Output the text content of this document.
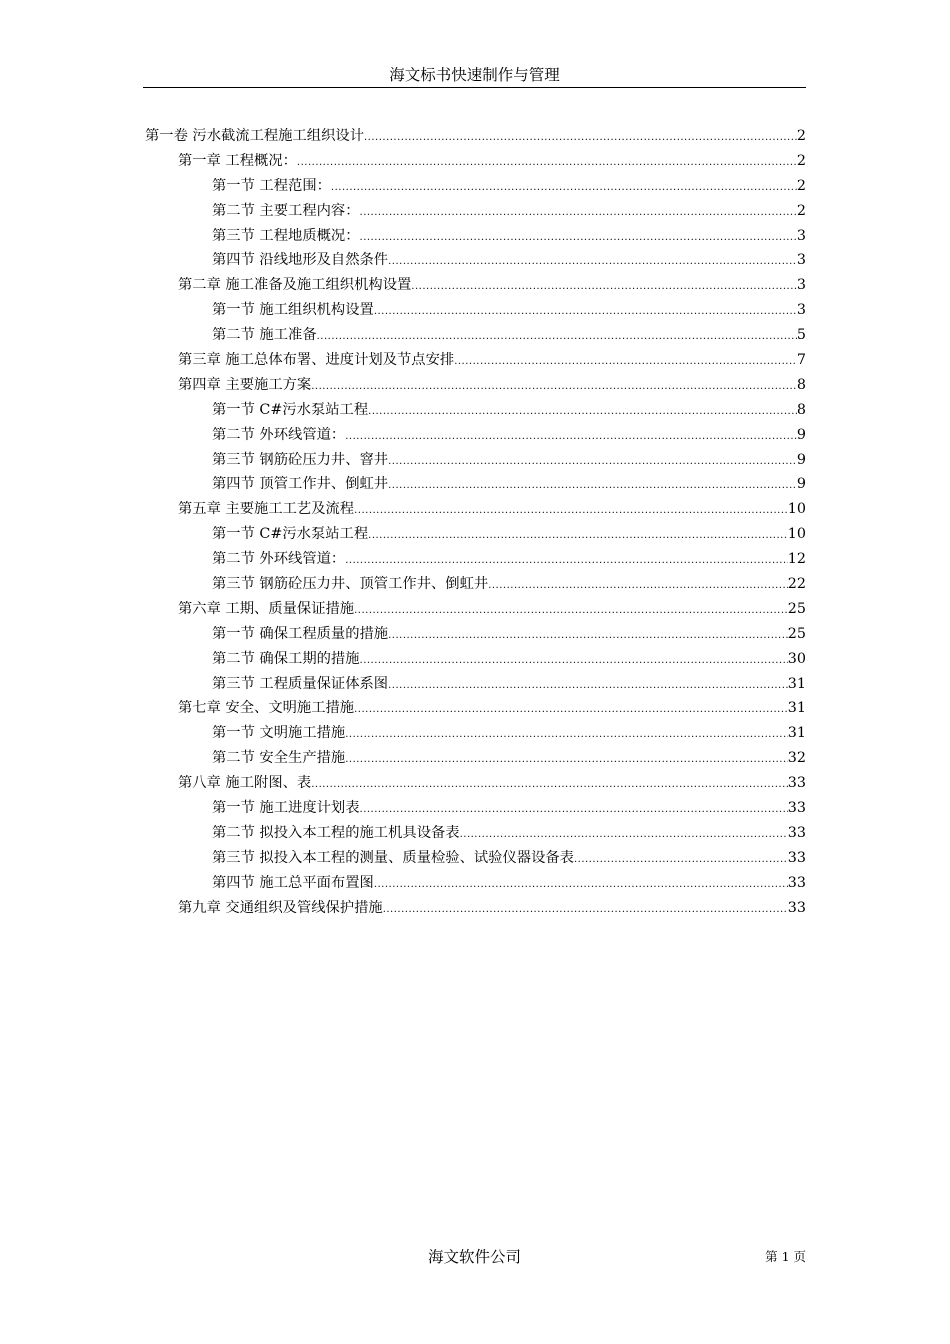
海文标书快速制作与管理
第一卷 污水截流工程施工组织设计 .....	2
第一章 工程概况： .....	2
第一节 工程范围： .....	2
第二节 主要工程内容： .....	2
第三节 工程地质概况： .....	3
第四节 沿线地形及自然条件 .....	3
第二章 施工准备及施工组织机构设置 .....	3
第一节 施工组织机构设置 .....	3
第二节 施工准备 .....	5
第三章 施工总体布署、进度计划及节点安排 .....	7
第四章 主要施工方案 .....	8
第一节 C#污水泵站工程 .....	8
第二节 外环线管道： .....	9
第三节 钢筋砼压力井、窨井 .....	9
第四节 顶管工作井、倒虹井 .....	9
第五章 主要施工工艺及流程 .....	10
第一节 C#污水泵站工程 .....	10
第二节 外环线管道： .....	12
第三节 钢筋砼压力井、顶管工作井、倒虹井 .....	22
第六章 工期、质量保证措施 .....	25
第一节 确保工程质量的措施 .....	25
第二节 确保工期的措施 .....	30
第三节 工程质量保证体系图 .....	31
第七章 安全、文明施工措施 .....	31
第一节 文明施工措施 .....	31
第二节 安全生产措施 .....	32
第八章 施工附图、表 .....	33
第一节 施工进度计划表 .....	33
第二节 拟投入本工程的施工机具设备表 .....	33
第三节 拟投入本工程的测量、质量检验、试验仪器设备表 .....	33
第四节 施工总平面布置图 .....	33
第九章 交通组织及管线保护措施 .....	33
海文软件公司	第 1 页
